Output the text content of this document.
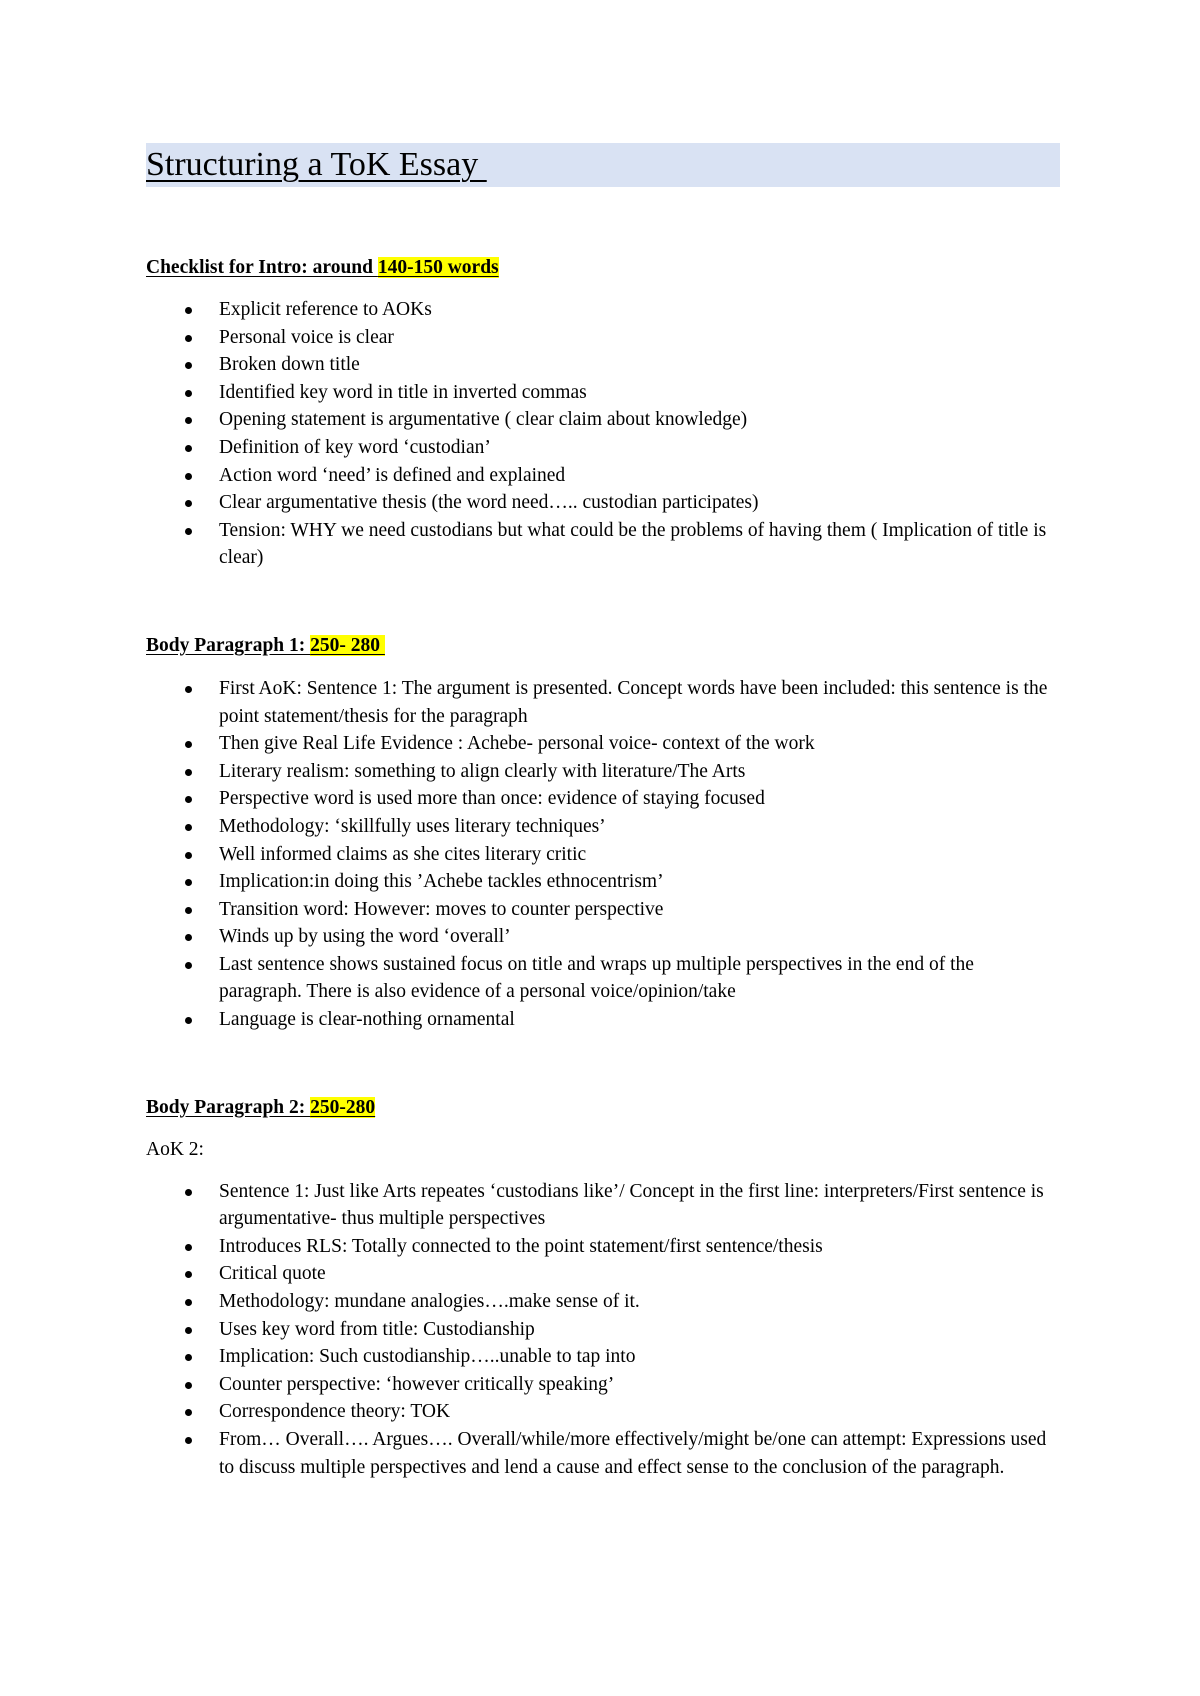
Structuring a ToK Essay

Checklist for Intro: around 140-150 words

Explicit reference to AOKs
Personal voice is clear
Broken down title
Identified key word in title in inverted commas
Opening statement is argumentative ( clear claim about knowledge)
Definition of key word ‘custodian’
Action word ‘need’ is defined and explained
Clear argumentative thesis (the word need….. custodian participates)
Tension: WHY we need custodians but what could be the problems of having them ( Implication of title is clear)

Body Paragraph 1: 250- 280

First AoK: Sentence 1: The argument is presented. Concept words have been included: this sentence is the point statement/thesis for the paragraph
Then give Real Life Evidence : Achebe- personal voice- context of the work
Literary realism: something to align clearly with literature/The Arts
Perspective word is used more than once: evidence of staying focused
Methodology: ‘skillfully uses literary techniques’
Well informed claims as she cites literary critic
Implication:in doing this ’Achebe tackles ethnocentrism’
Transition word: However: moves to counter perspective
Winds up by using the word ‘overall’
Last sentence shows sustained focus on title and wraps up multiple perspectives in the end of the paragraph. There is also evidence of a personal voice/opinion/take
Language is clear-nothing ornamental

Body Paragraph 2: 250-280

AoK 2:

Sentence 1: Just like Arts repeates ‘custodians like’/ Concept in the first line: interpreters/First sentence is argumentative- thus multiple perspectives
Introduces RLS: Totally connected to the point statement/first sentence/thesis
Critical quote
Methodology: mundane analogies….make sense of it.
Uses key word from title: Custodianship
Implication: Such custodianship…..unable to tap into
Counter perspective: ‘however critically speaking’
Correspondence theory: TOK
From… Overall…. Argues…. Overall/while/more effectively/might be/one can attempt: Expressions used to discuss multiple perspectives and lend a cause and effect sense to the conclusion of the paragraph.
